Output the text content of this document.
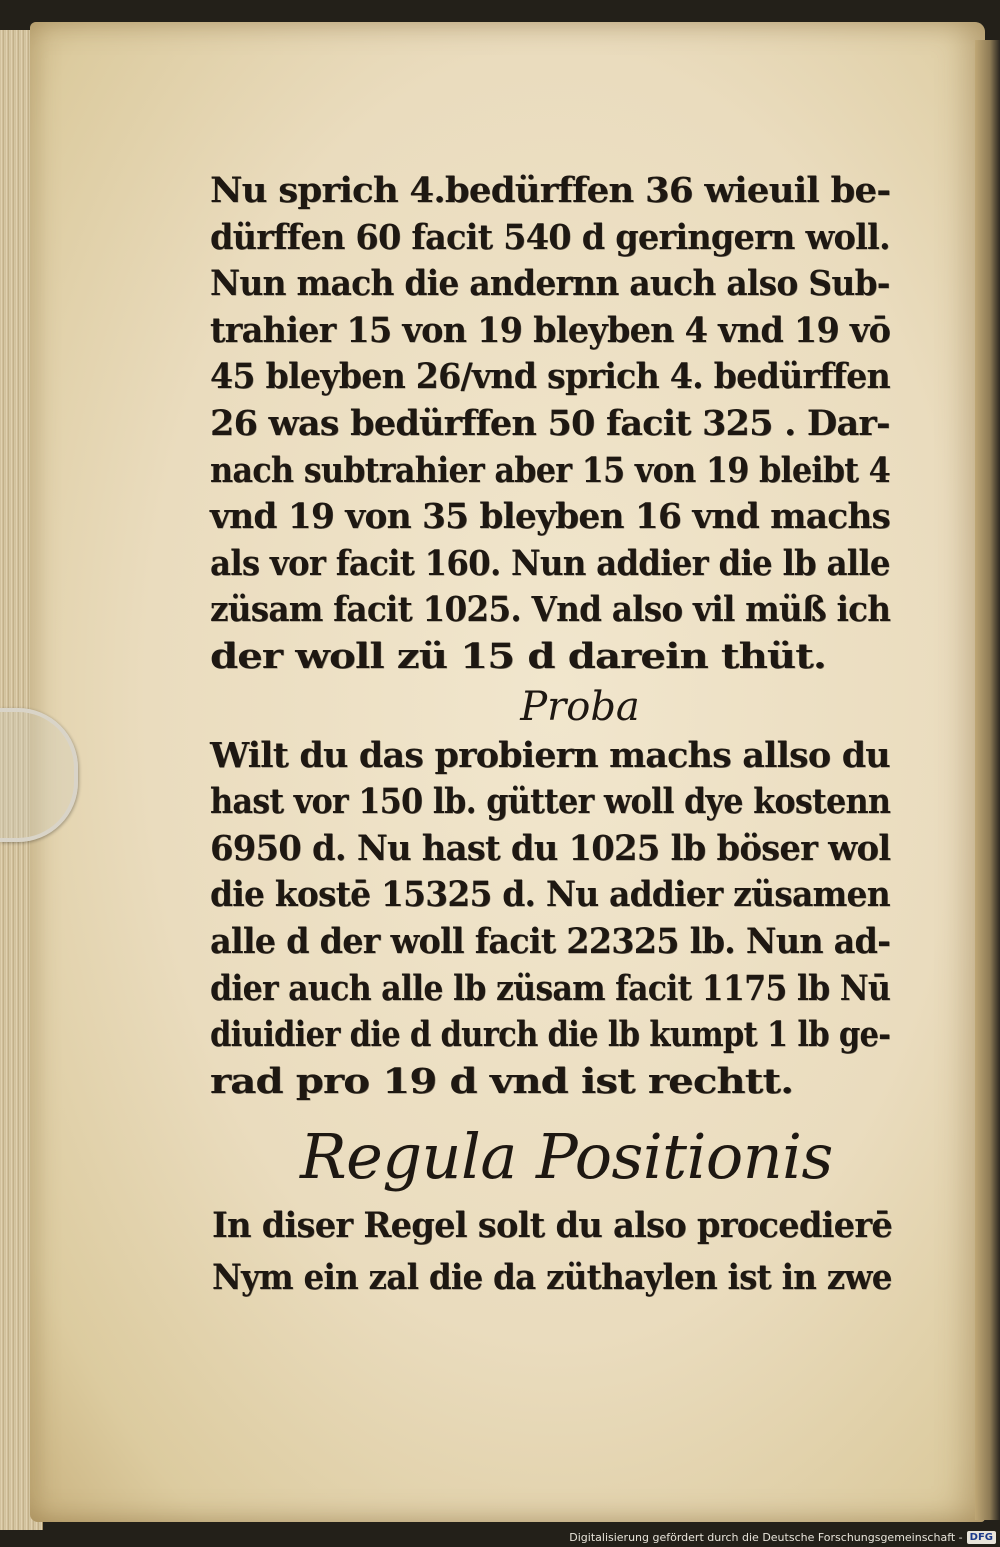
Nu sprich 4.bedürffen 36 wieuil be-
dürffen 60 facit 540 d geringern woll.
Nun mach die andernn auch also Sub-
trahier 15 von 19 bleyben 4 vnd 19 vō
45 bleyben 26/vnd sprich 4. bedürffen
26 was bedürffen 50 facit 325 . Dar-
nach subtrahier aber 15 von 19 bleibt 4
vnd 19 von 35 bleyben 16 vnd machs
als vor facit 160. Nun addier die lb alle
züsam facit 1025. Vnd also vil müß ich
der woll zü 15 d darein thüt.
Proba
Wilt du das probiern machs allso du
hast vor 150 lb. gütter woll dye kostenn
6950 d. Nu hast du 1025 lb böser wol
die kostē 15325 d. Nu addier züsamen
alle d der woll facit 22325 lb. Nun ad-
dier auch alle lb züsam facit 1175 lb Nū
diuidier die d durch die lb kumpt 1 lb ge-
rad pro 19 d vnd ist rechtt.
Regula Positionis
In diser Regel solt du also procedierē
Nym ein zal die da züthaylen ist in zwe
Digitalisierung gefördert durch die Deutsche Forschungsgemeinschaft - DFG
